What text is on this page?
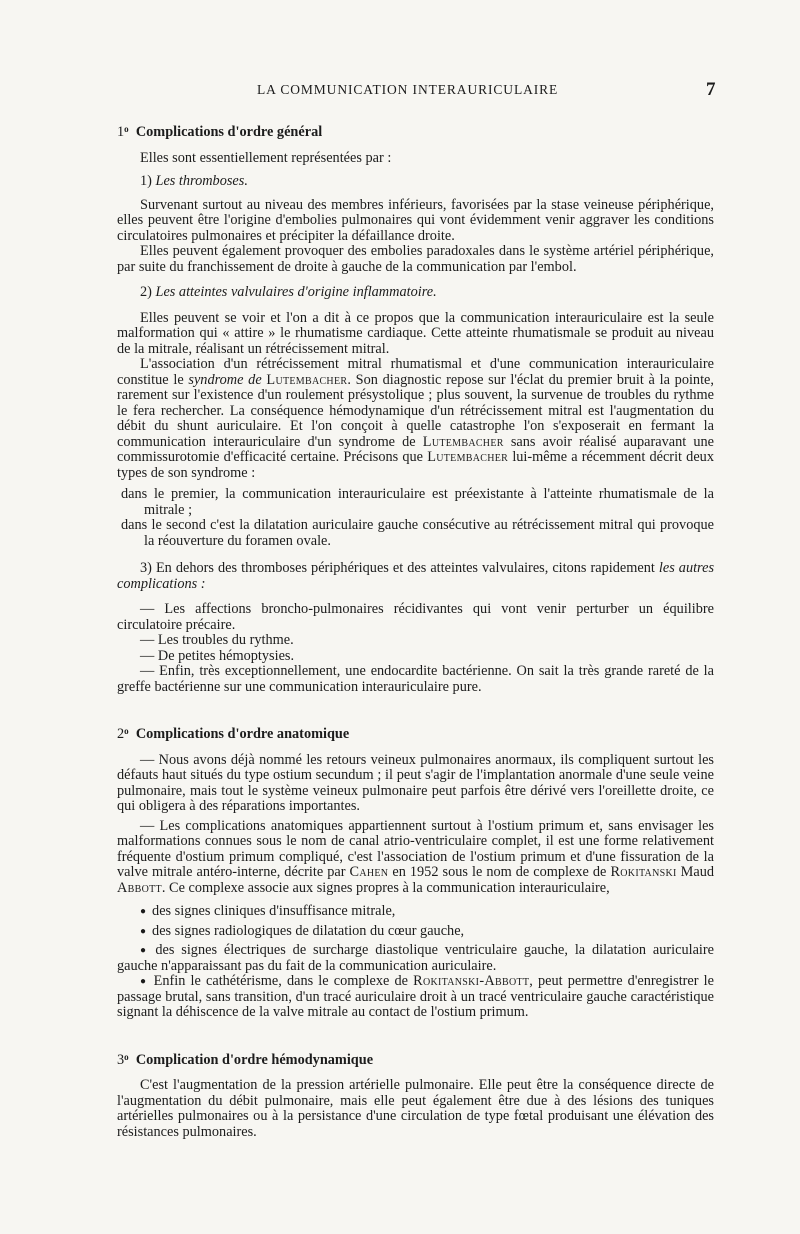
LA COMMUNICATION INTERAURICULAIRE	7

1$^o$ Complications d'ordre général

Elles sont essentiellement représentées par :

1) Les thromboses.

Survenant surtout au niveau des membres inférieurs, favorisées par la stase veineuse périphérique, elles peuvent être l'origine d'embolies pulmonaires qui vont évidemment venir aggraver les conditions circulatoires pulmonaires et précipiter la défaillance droite.

Elles peuvent également provoquer des embolies paradoxales dans le système artériel périphérique, par suite du franchissement de droite à gauche de la communication par l'embol.

2) Les atteintes valvulaires d'origine inflammatoire.

Elles peuvent se voir et l'on a dit à ce propos que la communication interauriculaire est la seule malformation qui « attire » le rhumatisme cardiaque. Cette atteinte rhumatismale se produit au niveau de la mitrale, réalisant un rétrécissement mitral.

L'association d'un rétrécissement mitral rhumatismal et d'une communication interauriculaire constitue le syndrome de Lutembacher. Son diagnostic repose sur l'éclat du premier bruit à la pointe, rarement sur l'existence d'un roulement présystolique ; plus souvent, la survenue de troubles du rythme le fera rechercher. La conséquence hémodynamique d'un rétrécissement mitral est l'augmentation du débit du shunt auriculaire. Et l'on conçoit à quelle catastrophe l'on s'exposerait en fermant la communication interauriculaire d'un syndrome de Lutembacher sans avoir réalisé auparavant une commissurotomie d'efficacité certaine. Précisons que Lutembacher lui-même a récemment décrit deux types de son syndrome :

dans le premier, la communication interauriculaire est préexistante à l'atteinte rhumatismale de la mitrale ;

dans le second c'est la dilatation auriculaire gauche consécutive au rétrécissement mitral qui provoque la réouverture du foramen ovale.

3) En dehors des thromboses périphériques et des atteintes valvulaires, citons rapidement les autres complications :

— Les affections broncho-pulmonaires récidivantes qui vont venir perturber un équilibre circulatoire précaire.

— Les troubles du rythme.

— De petites hémoptysies.

— Enfin, très exceptionnellement, une endocardite bactérienne. On sait la très grande rareté de la greffe bactérienne sur une communication interauriculaire pure.

2$^o$ Complications d'ordre anatomique

— Nous avons déjà nommé les retours veineux pulmonaires anormaux, ils compliquent surtout les défauts haut situés du type ostium secundum ; il peut s'agir de l'implantation anormale d'une seule veine pulmonaire, mais tout le système veineux pulmonaire peut parfois être dérivé vers l'oreillette droite, ce qui obligera à des réparations importantes.

— Les complications anatomiques appartiennent surtout à l'ostium primum et, sans envisager les malformations connues sous le nom de canal atrio-ventriculaire complet, il est une forme relativement fréquente d'ostium primum compliqué, c'est l'association de l'ostium primum et d'une fissuration de la valve mitrale antéro-interne, décrite par Cahen en 1952 sous le nom de complexe de Rokitanski Maud Abbott. Ce complexe associe aux signes propres à la communication interauriculaire,

● des signes cliniques d'insuffisance mitrale,

● des signes radiologiques de dilatation du cœur gauche,

● des signes électriques de surcharge diastolique ventriculaire gauche, la dilatation auriculaire gauche n'apparaissant pas du fait de la communication auriculaire.

● Enfin le cathétérisme, dans le complexe de Rokitanski-Abbott, peut permettre d'enregistrer le passage brutal, sans transition, d'un tracé auriculaire droit à un tracé ventriculaire gauche caractéristique signant la déhiscence de la valve mitrale au contact de l'ostium primum.

3$^o$ Complication d'ordre hémodynamique

C'est l'augmentation de la pression artérielle pulmonaire. Elle peut être la conséquence directe de l'augmentation du débit pulmonaire, mais elle peut également être due à des lésions des tuniques artérielles pulmonaires ou à la persistance d'une circulation de type fœtal produisant une élévation des résistances pulmonaires.
